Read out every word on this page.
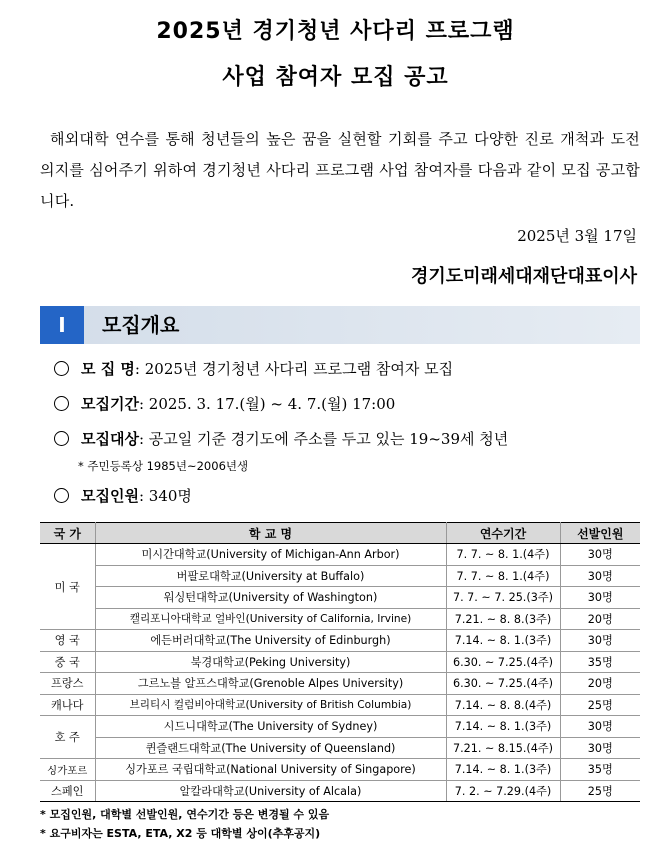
2025년 경기청년 사다리 프로그램
사업 참여자 모집 공고
해외대학 연수를 통해 청년들의 높은 꿈을 실현할 기회를 주고 다양한 진로 개척과 도전 의지를 심어주기 위하여 경기청년 사다리 프로그램 사업 참여자를 다음과 같이 모집 공고합니다.
2025년 3월 17일
경기도미래세대재단대표이사
Ⅰ	모집개요
모 집 명: 2025년 경기청년 사다리 프로그램 참여자 모집
모집기간: 2025. 3. 17.(월) ~ 4. 7.(월) 17:00
모집대상: 공고일 기준 경기도에 주소를 두고 있는 19~39세 청년
* 주민등록상 1985년~2006년생
모집인원: 340명
국 가	학 교 명	연수기간	선발인원
미 국	미시간대학교(University of Michigan-Ann Arbor)	7. 7. ~ 8. 1.(4주)	30명
	버팔로대학교(University at Buffalo)	7. 7. ~ 8. 1.(4주)	30명
	워싱턴대학교(University of Washington)	7. 7. ~ 7. 25.(3주)	30명
	캘리포니아대학교 얼바인(University of California, Irvine)	7.21. ~ 8. 8.(3주)	20명
영 국	에든버러대학교(The University of Edinburgh)	7.14. ~ 8. 1.(3주)	30명
중 국	북경대학교(Peking University)	6.30. ~ 7.25.(4주)	35명
프랑스	그르노블 알프스대학교(Grenoble Alpes University)	6.30. ~ 7.25.(4주)	20명
캐나다	브리티시 컬럼비아대학교(University of British Columbia)	7.14. ~ 8. 8.(4주)	25명
호 주	시드니대학교(The University of Sydney)	7.14. ~ 8. 1.(3주)	30명
	퀸즐랜드대학교(The University of Queensland)	7.21. ~ 8.15.(4주)	30명
싱가포르	싱가포르 국립대학교(National University of Singapore)	7.14. ~ 8. 1.(3주)	35명
스페인	알칼라대학교(University of Alcala)	7. 2. ~ 7.29.(4주)	25명
* 모집인원, 대학별 선발인원, 연수기간 등은 변경될 수 있음
* 요구비자는 ESTA, ETA, X2 등 대학별 상이(추후공지)
